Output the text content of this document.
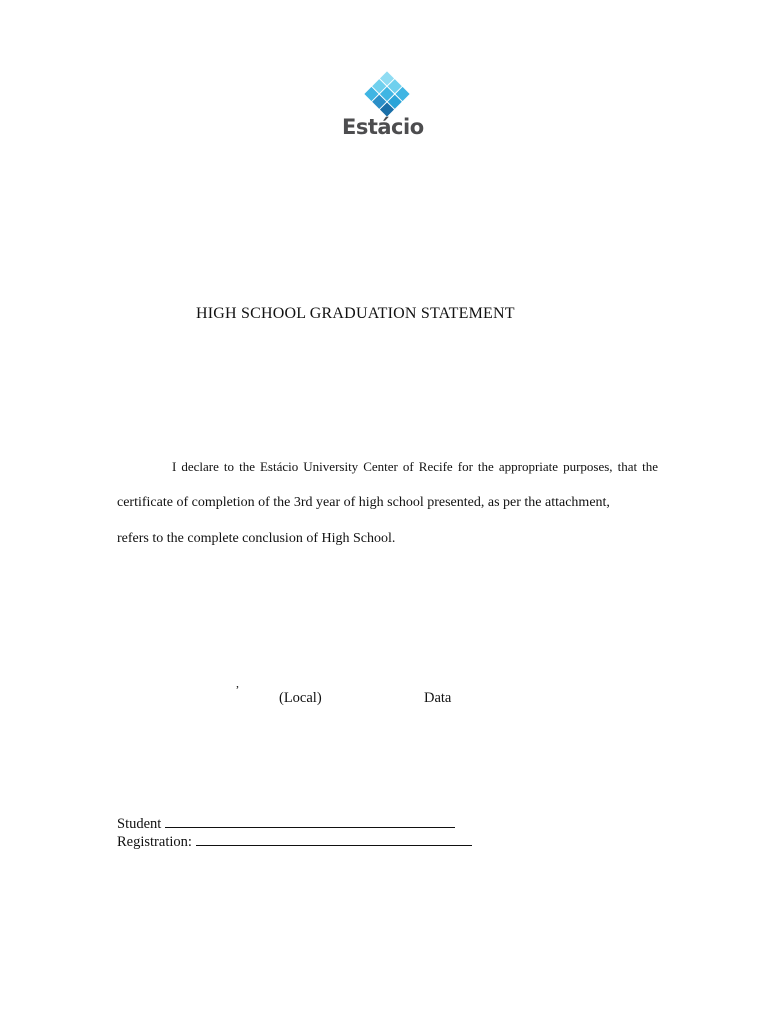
Estácio
HIGH SCHOOL GRADUATION STATEMENT
I declare to the Estácio University Center of Recife for the appropriate purposes, that the
certificate of completion of the 3rd year of high school presented, as per the attachment,
refers to the complete conclusion of High School.
,
(Local)	Data
Student
Registration:
